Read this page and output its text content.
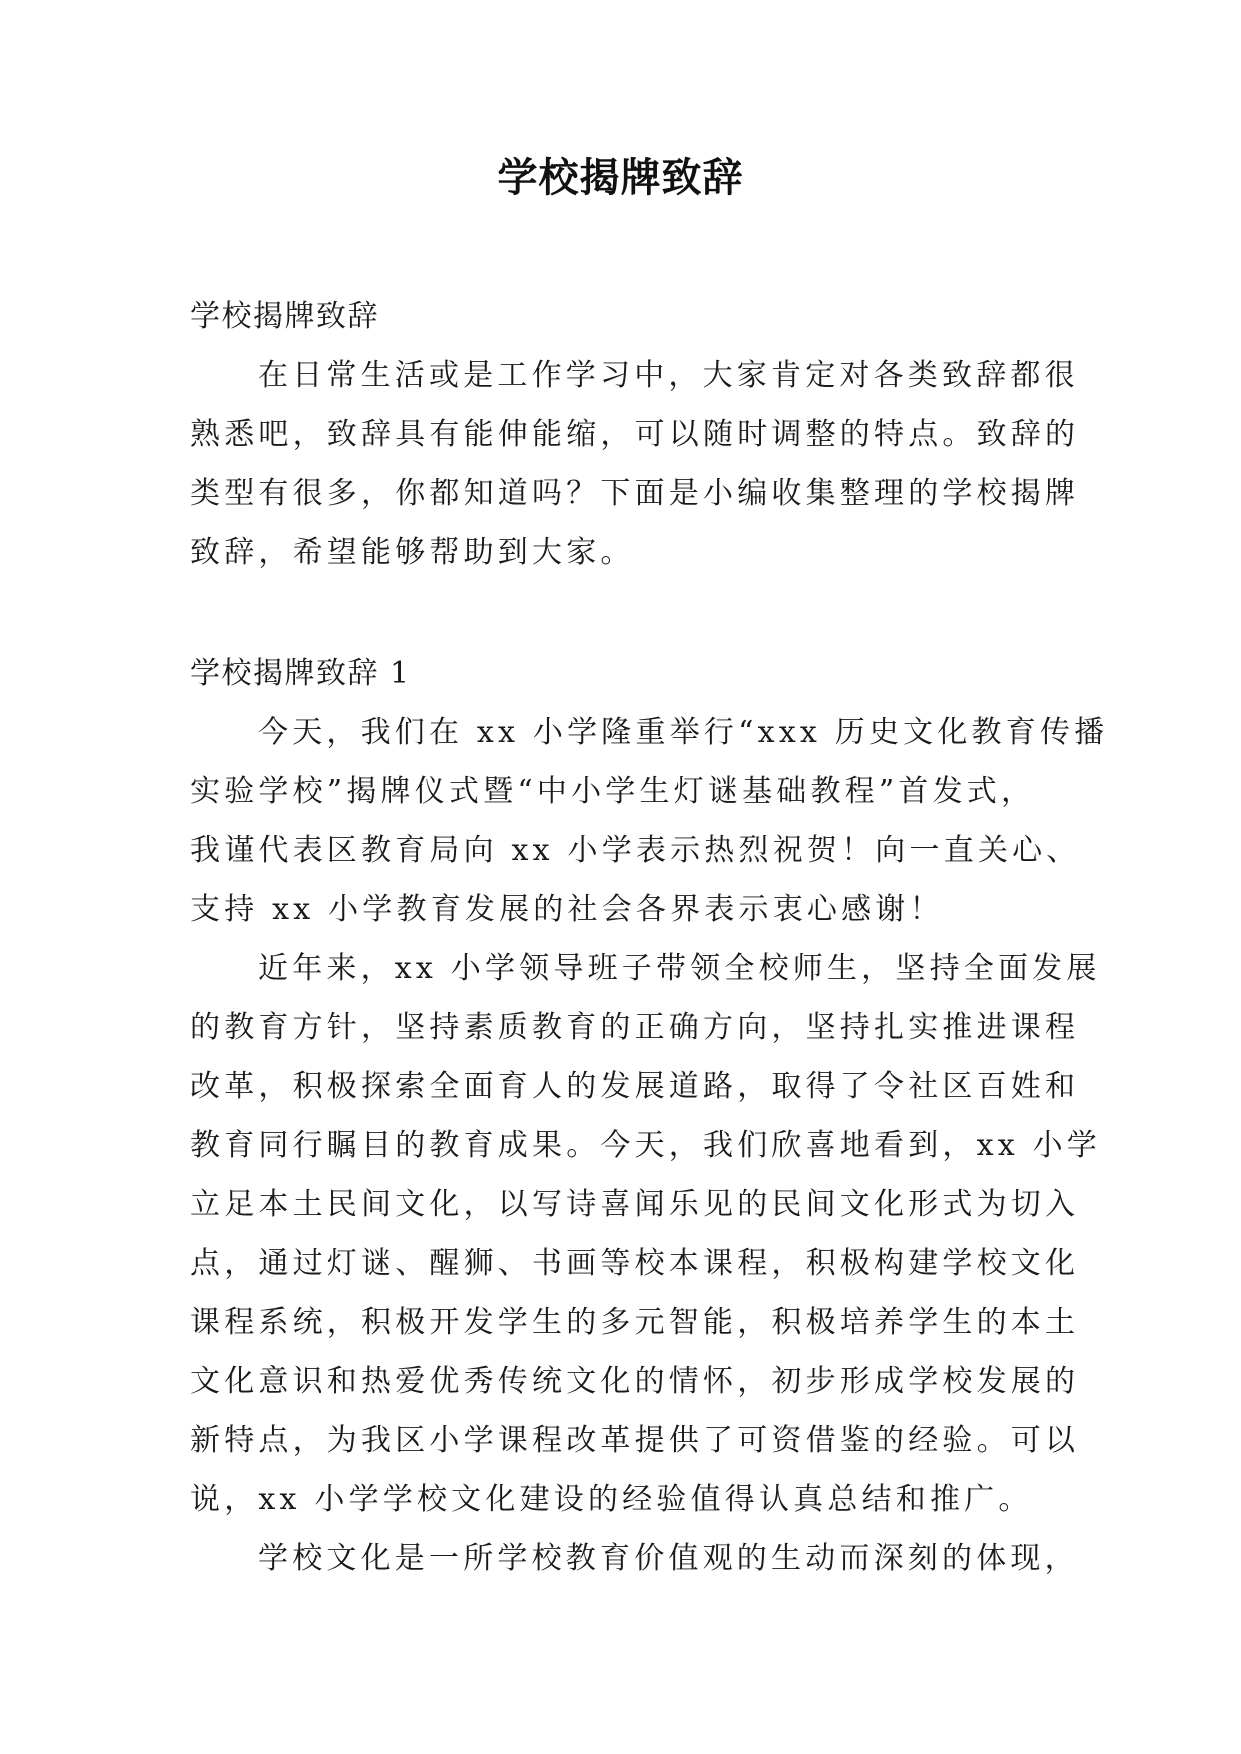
学校揭牌致辞
学校揭牌致辞
在日常生活或是工作学习中，大家肯定对各类致辞都很
熟悉吧，致辞具有能伸能缩，可以随时调整的特点。致辞的
类型有很多，你都知道吗？下面是小编收集整理的学校揭牌
致辞，希望能够帮助到大家。
学校揭牌致辞 1
今天，我们在 xx 小学隆重举行“xxx 历史文化教育传播
实验学校”揭牌仪式暨“中小学生灯谜基础教程”首发式，
我谨代表区教育局向 xx 小学表示热烈祝贺！向一直关心、
支持 xx 小学教育发展的社会各界表示衷心感谢！
近年来，xx 小学领导班子带领全校师生，坚持全面发展
的教育方针，坚持素质教育的正确方向，坚持扎实推进课程
改革，积极探索全面育人的发展道路，取得了令社区百姓和
教育同行瞩目的教育成果。今天，我们欣喜地看到，xx 小学
立足本土民间文化，以写诗喜闻乐见的民间文化形式为切入
点，通过灯谜、醒狮、书画等校本课程，积极构建学校文化
课程系统，积极开发学生的多元智能，积极培养学生的本土
文化意识和热爱优秀传统文化的情怀，初步形成学校发展的
新特点，为我区小学课程改革提供了可资借鉴的经验。可以
说，xx 小学学校文化建设的经验值得认真总结和推广。
学校文化是一所学校教育价值观的生动而深刻的体现，
